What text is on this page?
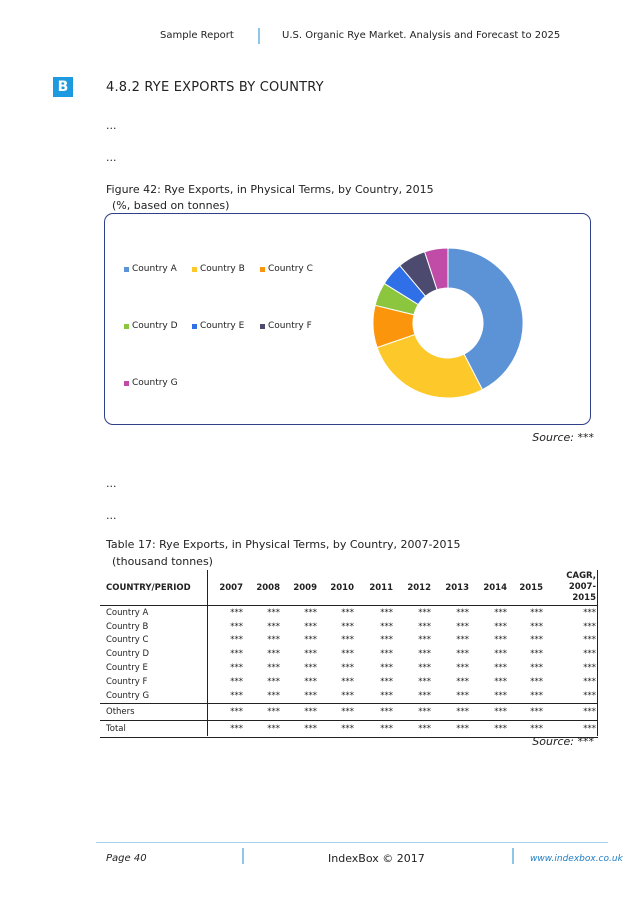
Sample Report	U.S. Organic Rye Market. Analysis and Forecast to 2025
B	4.8.2 RYE EXPORTS BY COUNTRY
...
...
Figure 42: Rye Exports, in Physical Terms, by Country, 2015
(%, based on tonnes)
Country A	Country B	Country C
Country D Country E	Country F
Country G
Source: ***
...
...
Table 17: Rye Exports, in Physical Terms, by Country, 2007-2015
(thousand tonnes)
COUNTRY/PERIOD	2007	2008	2009	2010	2011	2012	2013	2014	2015	CAGR,
2007-
2015

Country A	***	***	***	***	***	***	***	***	***	***
Country B	***	***	***	***	***	***	***	***	***	***
Country C	***	***	***	***	***	***	***	***	***	***
Country D	***	***	***	***	***	***	***	***	***	***
Country E	***	***	***	***	***	***	***	***	***	***
Country F	***	***	***	***	***	***	***	***	***	***
Country G	***	***	***	***	***	***	***	***	***	***
Others	***	***	***	***	***	***	***	***	***	***
Total	***	***	***	***	***	***	***	***	***	***
Source: ***
Page 40	IndexBox © 2017	www.indexbox.co.uk
